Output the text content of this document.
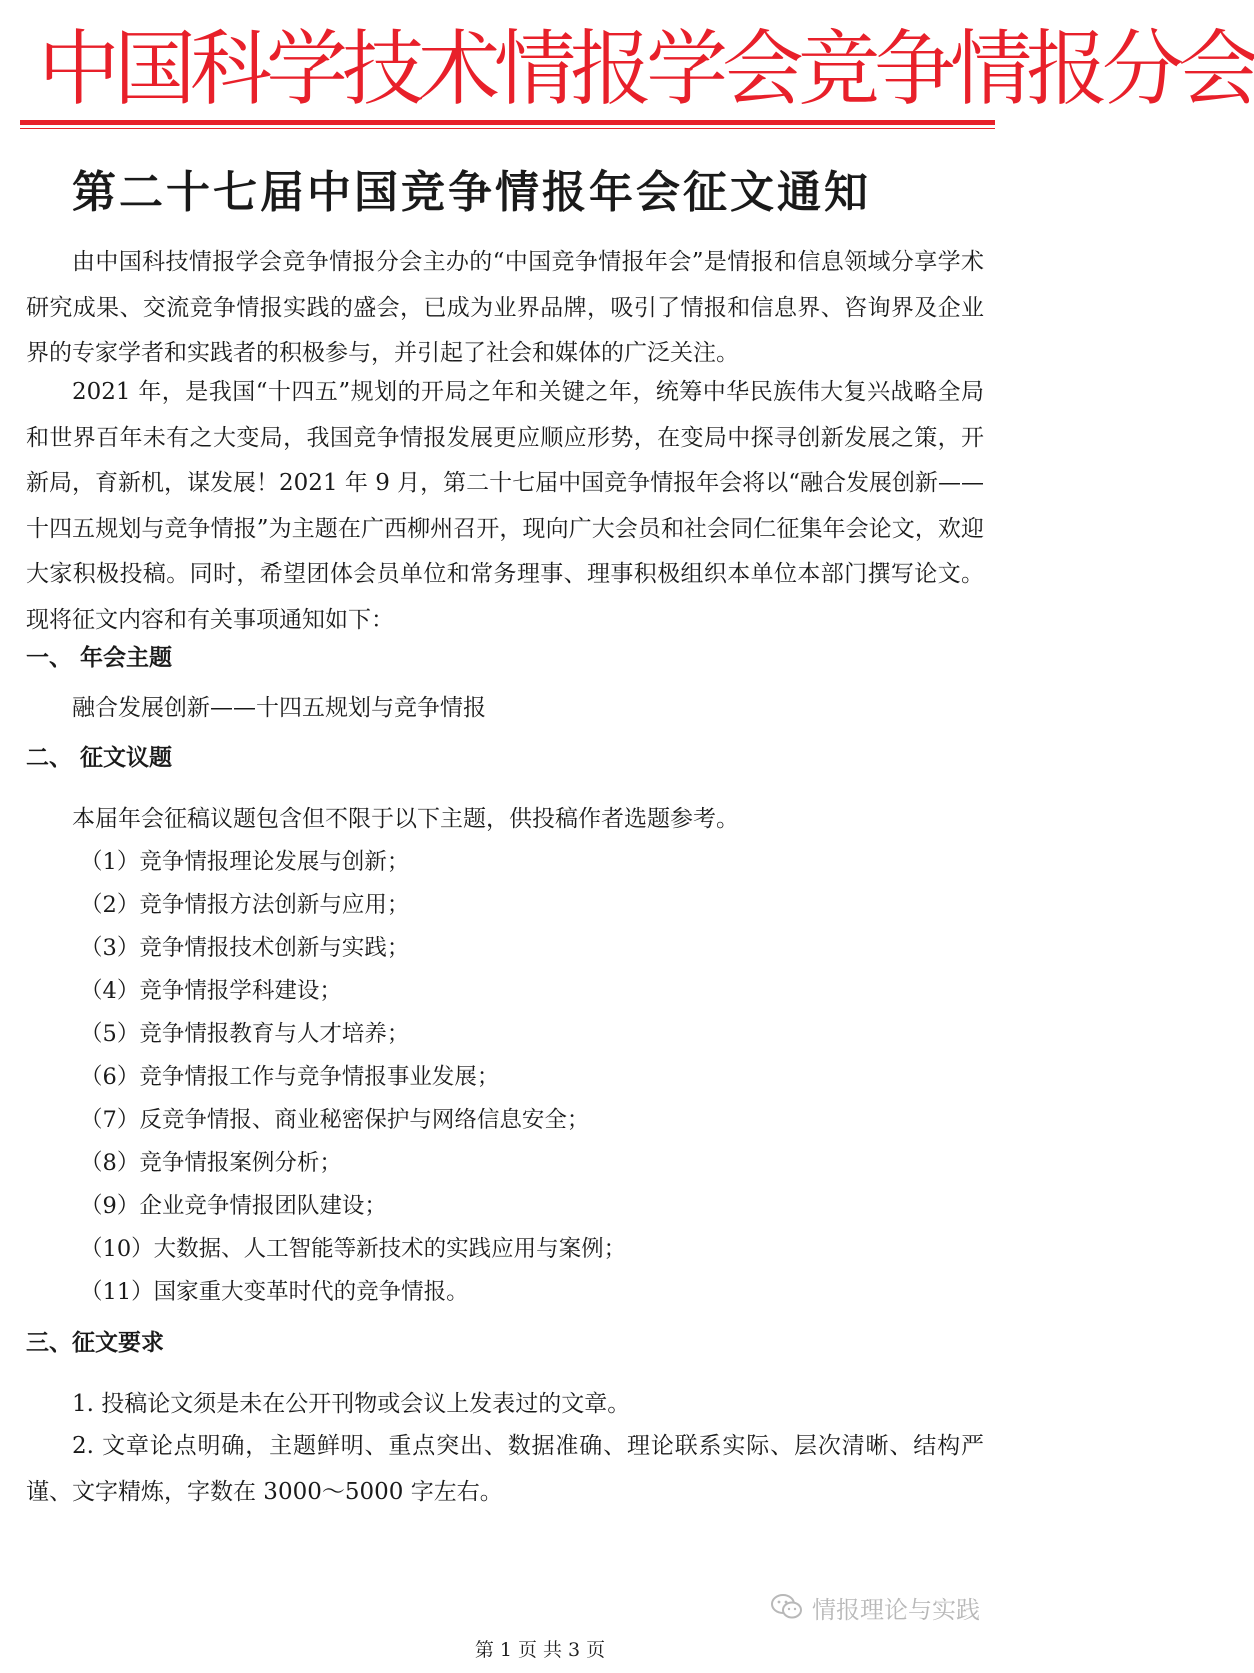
中国科学技术情报学会竞争情报分会
第二十七届中国竞争情报年会征文通知

由中国科技情报学会竞争情报分会主办的“中国竞争情报年会”是情报和信息领域分享学术研究成果、交流竞争情报实践的盛会，已成为业界品牌，吸引了情报和信息界、咨询界及企业界的专家学者和实践者的积极参与，并引起了社会和媒体的广泛关注。

2021 年，是我国“十四五”规划的开局之年和关键之年，统筹中华民族伟大复兴战略全局和世界百年未有之大变局，我国竞争情报发展更应顺应形势，在变局中探寻创新发展之策，开新局，育新机，谋发展！2021 年 9 月，第二十七届中国竞争情报年会将以“融合发展创新——十四五规划与竞争情报”为主题在广西柳州召开，现向广大会员和社会同仁征集年会论文，欢迎大家积极投稿。同时，希望团体会员单位和常务理事、理事积极组织本单位本部门撰写论文。现将征文内容和有关事项通知如下：

一、 年会主题

融合发展创新——十四五规划与竞争情报

二、 征文议题

本届年会征稿议题包含但不限于以下主题，供投稿作者选题参考。

（1）竞争情报理论发展与创新；

（2）竞争情报方法创新与应用；

（3）竞争情报技术创新与实践；

（4）竞争情报学科建设；

（5）竞争情报教育与人才培养；

（6）竞争情报工作与竞争情报事业发展；

（7）反竞争情报、商业秘密保护与网络信息安全；

（8）竞争情报案例分析；

（9）企业竞争情报团队建设；

（10）大数据、人工智能等新技术的实践应用与案例；

（11）国家重大变革时代的竞争情报。

三、征文要求

1. 投稿论文须是未在公开刊物或会议上发表过的文章。

2. 文章论点明确，主题鲜明、重点突出、数据准确、理论联系实际、层次清晰、结构严谨、文字精炼，字数在 3000～5000 字左右。

情报理论与实践
第 1 页 共 3 页
